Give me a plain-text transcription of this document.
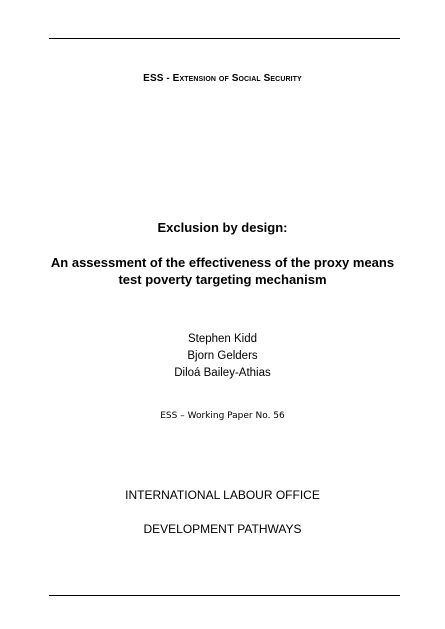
ESS - Extension of Social Security
Exclusion by design:
An assessment of the effectiveness of the proxy means
test poverty targeting mechanism
Stephen Kidd
Bjorn Gelders
Diloá Bailey-Athias
ESS – Working Paper No. 56
INTERNATIONAL LABOUR OFFICE
DEVELOPMENT PATHWAYS
